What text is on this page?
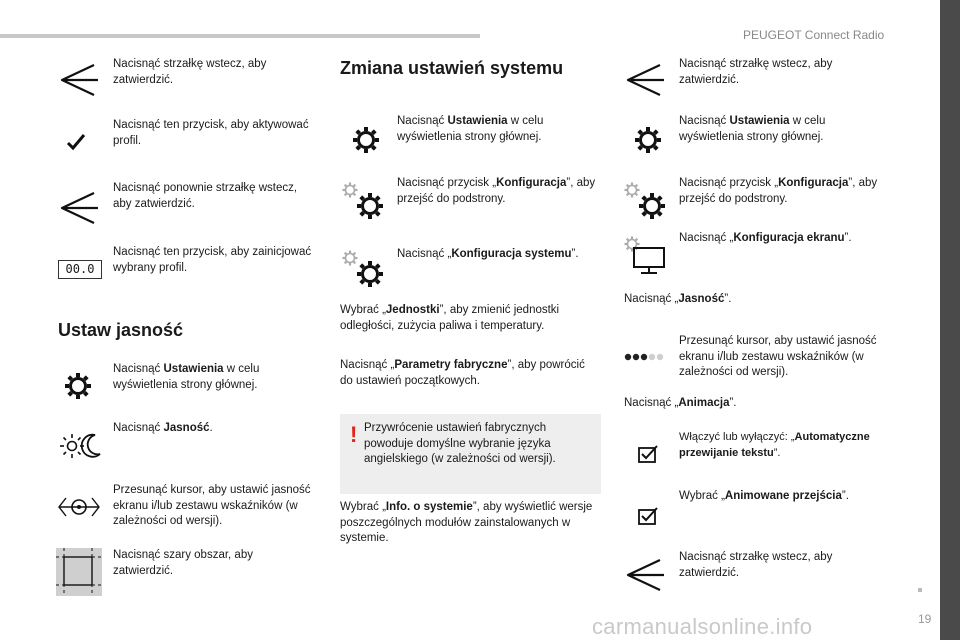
PEUGEOT Connect Radio
19
carmanualsonline.info
Nacisnąć strzałkę wstecz, aby zatwierdzić.
Nacisnąć ten przycisk, aby aktywować profil.
Nacisnąć ponownie strzałkę wstecz, aby zatwierdzić.
00.0
Nacisnąć ten przycisk, aby zainicjować wybrany profil.
Ustaw jasność
Nacisnąć Ustawienia w celu wyświetlenia strony głównej.
Nacisnąć Jasność.
Przesunąć kursor, aby ustawić jasność ekranu i/lub zestawu wskaźników (w zależności od wersji).
Nacisnąć szary obszar, aby zatwierdzić.
Zmiana ustawień systemu
Nacisnąć Ustawienia w celu wyświetlenia strony głównej.
Nacisnąć przycisk „Konfiguracja”, aby przejść do podstrony.
Nacisnąć „Konfiguracja systemu”.
Wybrać „Jednostki”, aby zmienić jednostki odległości, zużycia paliwa i temperatury.
Nacisnąć „Parametry fabryczne”, aby powrócić do ustawień początkowych.
! Przywrócenie ustawień fabrycznych powoduje domyślne wybranie języka angielskiego (w zależności od wersji).
Wybrać „Info. o systemie”, aby wyświetlić wersje poszczególnych modułów zainstalowanych w systemie.
Nacisnąć strzałkę wstecz, aby zatwierdzić.
Nacisnąć Ustawienia w celu wyświetlenia strony głównej.
Nacisnąć przycisk „Konfiguracja”, aby przejść do podstrony.
Nacisnąć „Konfiguracja ekranu”.
Nacisnąć „Jasność”.
Przesunąć kursor, aby ustawić jasność ekranu i/lub zestawu wskaźników (w zależności od wersji).
Nacisnąć „Animacja”.
Włączyć lub wyłączyć: „Automatyczne przewijanie tekstu”.
Wybrać „Animowane przejścia”.
Nacisnąć strzałkę wstecz, aby zatwierdzić.
